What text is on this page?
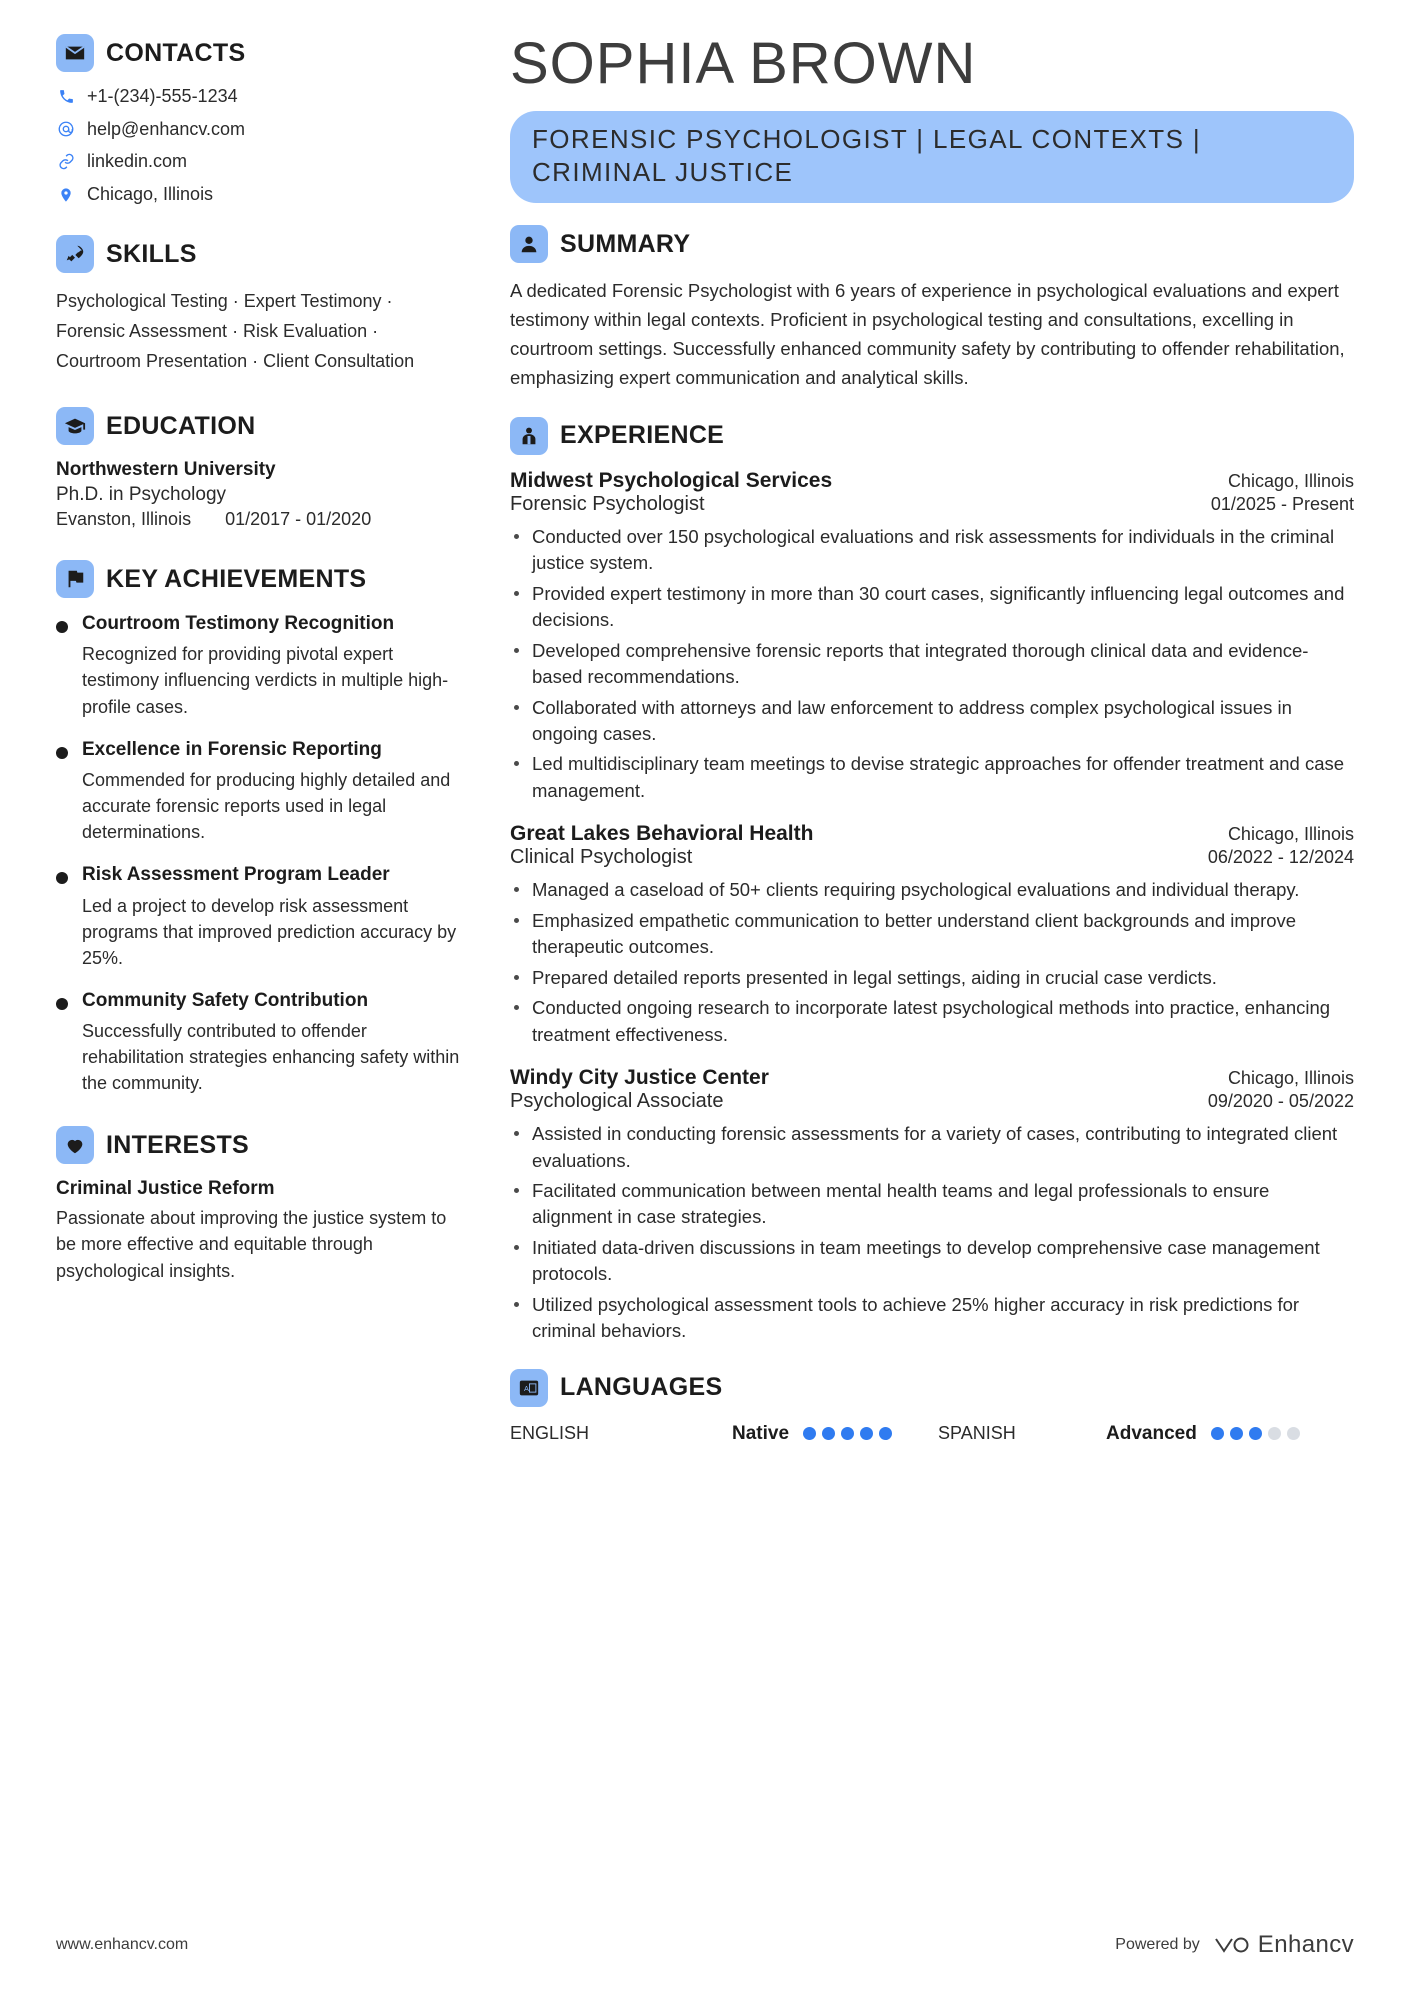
CONTACTS
+1-(234)-555-1234
help@enhancv.com
linkedin.com
Chicago, Illinois
SKILLS
Psychological Testing · Expert Testimony · Forensic Assessment · Risk Evaluation · Courtroom Presentation · Client Consultation
EDUCATION
Northwestern University
Ph.D. in Psychology
Evanston, Illinois 01/2017 - 01/2020
KEY ACHIEVEMENTS
Courtroom Testimony Recognition
Recognized for providing pivotal expert testimony influencing verdicts in multiple high-profile cases.
Excellence in Forensic Reporting
Commended for producing highly detailed and accurate forensic reports used in legal determinations.
Risk Assessment Program Leader
Led a project to develop risk assessment programs that improved prediction accuracy by 25%.
Community Safety Contribution
Successfully contributed to offender rehabilitation strategies enhancing safety within the community.
INTERESTS
Criminal Justice Reform
Passionate about improving the justice system to be more effective and equitable through psychological insights.
SOPHIA BROWN
FORENSIC PSYCHOLOGIST | LEGAL CONTEXTS | CRIMINAL JUSTICE
SUMMARY
A dedicated Forensic Psychologist with 6 years of experience in psychological evaluations and expert testimony within legal contexts. Proficient in psychological testing and consultations, excelling in courtroom settings. Successfully enhanced community safety by contributing to offender rehabilitation, emphasizing expert communication and analytical skills.
EXPERIENCE
Midwest Psychological Services	Chicago, Illinois
Forensic Psychologist	01/2025 - Present
Conducted over 150 psychological evaluations and risk assessments for individuals in the criminal justice system.
Provided expert testimony in more than 30 court cases, significantly influencing legal outcomes and decisions.
Developed comprehensive forensic reports that integrated thorough clinical data and evidence-based recommendations.
Collaborated with attorneys and law enforcement to address complex psychological issues in ongoing cases.
Led multidisciplinary team meetings to devise strategic approaches for offender treatment and case management.
Great Lakes Behavioral Health	Chicago, Illinois
Clinical Psychologist	06/2022 - 12/2024
Managed a caseload of 50+ clients requiring psychological evaluations and individual therapy.
Emphasized empathetic communication to better understand client backgrounds and improve therapeutic outcomes.
Prepared detailed reports presented in legal settings, aiding in crucial case verdicts.
Conducted ongoing research to incorporate latest psychological methods into practice, enhancing treatment effectiveness.
Windy City Justice Center	Chicago, Illinois
Psychological Associate	09/2020 - 05/2022
Assisted in conducting forensic assessments for a variety of cases, contributing to integrated client evaluations.
Facilitated communication between mental health teams and legal professionals to ensure alignment in case strategies.
Initiated data-driven discussions in team meetings to develop comprehensive case management protocols.
Utilized psychological assessment tools to achieve 25% higher accuracy in risk predictions for criminal behaviors.
A LANGUAGES
ENGLISH	Native	SPANISH	Advanced
www.enhancv.com	Powered by Enhancv
